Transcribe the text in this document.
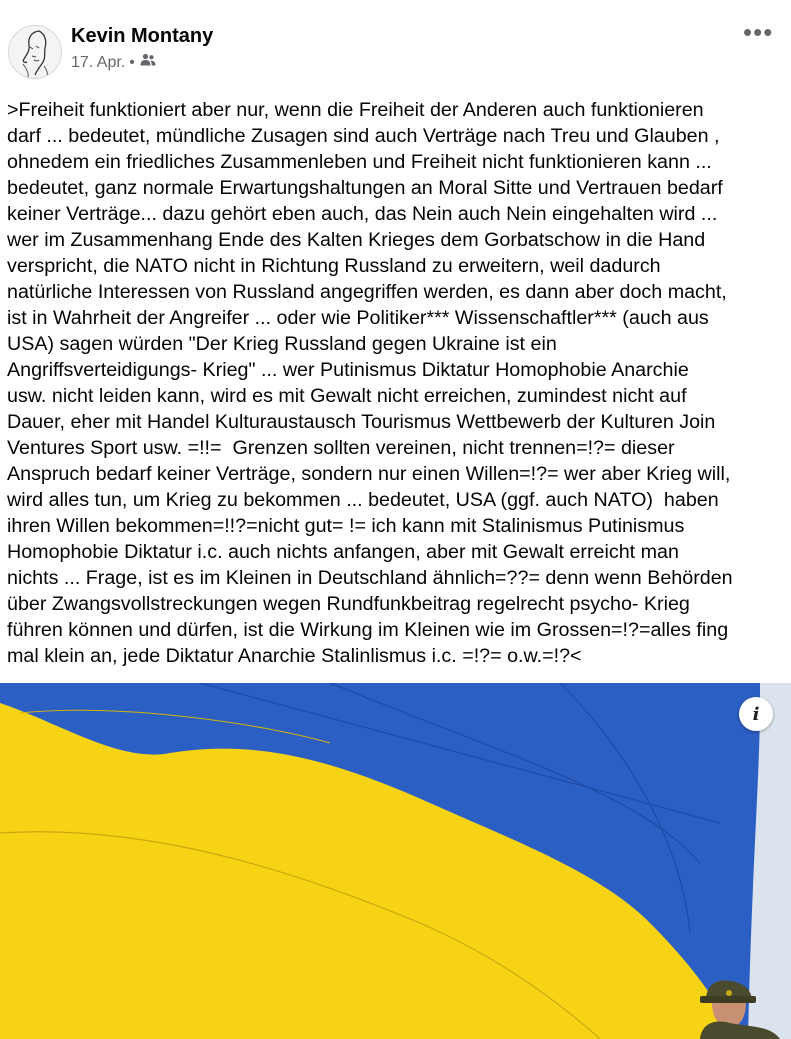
Kevin Montany
17. Apr. •
•••

>Freiheit funktioniert aber nur, wenn die Freiheit der Anderen auch funktionieren
darf ... bedeutet, mündliche Zusagen sind auch Verträge nach Treu und Glauben ,
ohnedem ein friedliches Zusammenleben und Freiheit nicht funktionieren kann ...
bedeutet, ganz normale Erwartungshaltungen an Moral Sitte und Vertrauen bedarf
keiner Verträge... dazu gehört eben auch, das Nein auch Nein eingehalten wird ...
wer im Zusammenhang Ende des Kalten Krieges dem Gorbatschow in die Hand
verspricht, die NATO nicht in Richtung Russland zu erweitern, weil dadurch
natürliche Interessen von Russland angegriffen werden, es dann aber doch macht,
ist in Wahrheit der Angreifer ... oder wie Politiker*** Wissenschaftler*** (auch aus
USA) sagen würden "Der Krieg Russland gegen Ukraine ist ein
Angriffsverteidigungs- Krieg" ... wer Putinismus Diktatur Homophobie Anarchie
usw. nicht leiden kann, wird es mit Gewalt nicht erreichen, zumindest nicht auf
Dauer, eher mit Handel Kulturaustausch Tourismus Wettbewerb der Kulturen Join
Ventures Sport usw. =!!=  Grenzen sollten vereinen, nicht trennen=!?= dieser
Anspruch bedarf keiner Verträge, sondern nur einen Willen=!?= wer aber Krieg will,
wird alles tun, um Krieg zu bekommen ... bedeutet, USA (ggf. auch NATO)  haben
ihren Willen bekommen=!!?=nicht gut= != ich kann mit Stalinismus Putinismus
Homophobie Diktatur i.c. auch nichts anfangen, aber mit Gewalt erreicht man
nichts ... Frage, ist es im Kleinen in Deutschland ähnlich=??= denn wenn Behörden
über Zwangsvollstreckungen wegen Rundfunkbeitrag regelrecht psycho- Krieg
führen können und dürfen, ist die Wirkung im Kleinen wie im Grossen=!?=alles fing
mal klein an, jede Diktatur Anarchie Stalinlismus i.c. =!?= o.w.=!?<

i
